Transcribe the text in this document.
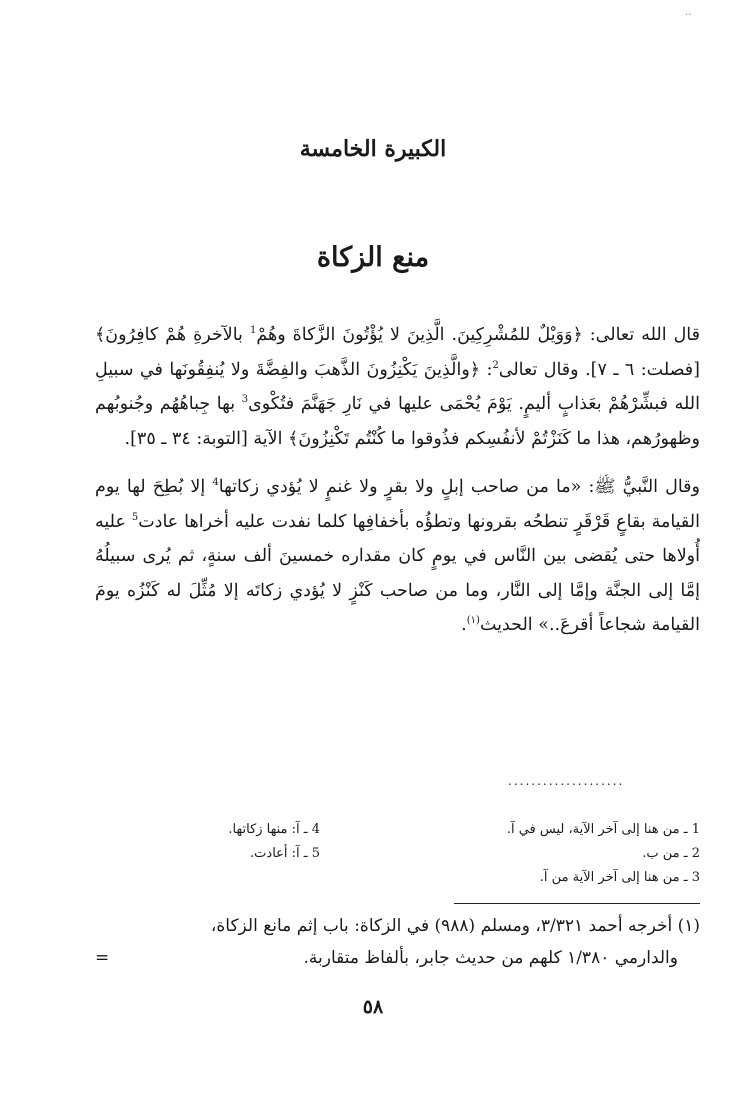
··
الكبيرة الخامسة
منع الزكاة

قال الله تعالى: ﴿وَوَيْلٌ للمُشْرِكِينَ. الَّذِينَ لا يُؤْتُونَ الزَّكاةَ وهُمْ$^1$ بالآخرةِ هُمْ كافِرُونَ﴾ [فصلت: ٦ ـ ٧]. وقال تعالى$^2$: ﴿والَّذِينَ يَكْنِزُونَ الذَّهبَ والفِضَّةَ ولا يُنفِقُونَها في سبيلِ الله فبشِّرْهُمْ بعَذابٍ أليمٍ. يَوْمَ يُحْمَى عليها في نَارِ جَهَنَّمَ فتُكْوى$^3$ بها جِباهُهُم وجُنوبُهم وظهورُهم، هذا ما كَنَزْتُمْ لأنفُسِكم فذُوقوا ما كُنْتُم تَكْنِزُونَ﴾ الآية [التوبة: ٣٤ ـ ٣٥].

وقال النَّبيُّ ﷺ: «ما من صاحب إبلٍ ولا بقرٍ ولا غنمٍ لا يُؤدي زكاتها$^4$ إلا بُطِحَ لها يوم القيامة بقاعٍ قَرْقَرٍ تنطحُه بقرونها وتطؤُه بأخفافِها كلما نفدت عليه أخراها عادت$^5$ عليه أُولاها حتى يُقضى بين النَّاس في يومٍ كان مقداره خمسينَ ألف سنةٍ، ثم يُرى سبيلُهُ إمَّا إلى الجنَّة وإمَّا إلى النَّار، وما من صاحب كَنْزٍ لا يُؤدي زكاتَه إلا مُثِّلَ له كَنْزُه يومَ القيامة شجاعاً أقرعَ..» الحديث$^{(١)}$.

....................

1 ـ من هنا إلى آخر الآية، ليس في آ.

2 ـ من ب.

3 ـ من هنا إلى آخر الآية من آ.

4 ـ آ: منها زكاتها.

5 ـ آ: أعادت.

(١) أخرجه أحمد ٣/٣٢١، ومسلم (٩٨٨) في الزكاة: باب إثم مانع الزكاة،

والدارمي ١/٣٨٠ كلهم من حديث جابر، بألفاظ متقاربة.
=
٥٨
